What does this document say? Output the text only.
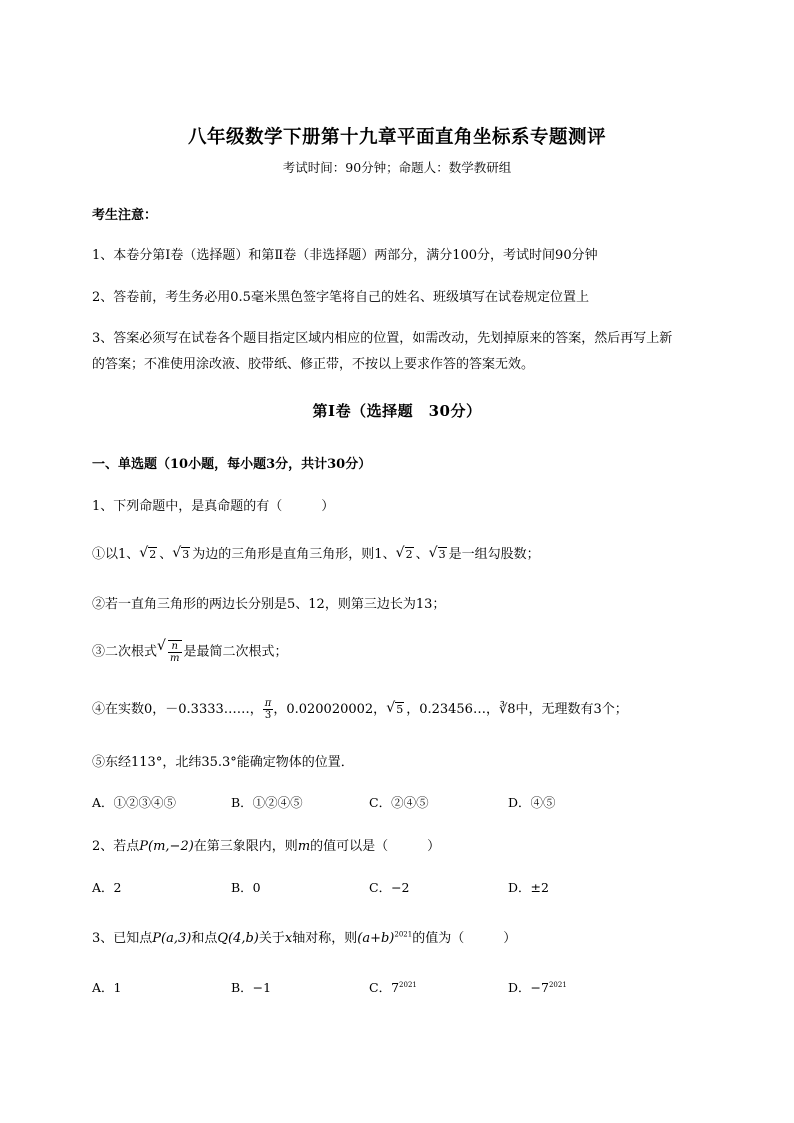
八年级数学下册第十九章平面直角坐标系专题测评
考试时间：90分钟；命题人：数学教研组
考生注意：
1、本卷分第Ⅰ卷（选择题）和第Ⅱ卷（非选择题）两部分，满分100分，考试时间90分钟
2、答卷前，考生务必用0.5毫米黑色签字笔将自己的姓名、班级填写在试卷规定位置上
3、答案必须写在试卷各个题目指定区域内相应的位置，如需改动，先划掉原来的答案，然后再写上新
的答案；不准使用涂改液、胶带纸、修正带，不按以上要求作答的答案无效。
第Ⅰ卷（选择题　30分）
一、单选题（10小题，每小题3分，共计30分）
1、下列命题中，是真命题的有（　　　）
①以1、 √ 2 、 √ 3 为边的三角形是直角三角形，则1、 √ 2 、 √ 3 是一组勾股数；
②若一直角三角形的两边长分别是5、12，则第三边长为13；
③二次根式 √ $\frac{n}{m}$ 是最简二次根式；
④在实数0，－0.3333……， $\frac{\pi}{3}$ ，0.020020002， √ 5 ，0.23456…，∛8中，无理数有3个；
⑤东经113°，北纬35.3°能确定物体的位置．
A．①②③④⑤	B．①②④⑤	C．②④⑤	D．④⑤
2、若点P(m,−2)在第三象限内，则m的值可以是（　　　）
A．2	B．0	C．−2	D．±2
3、已知点P(a,3)和点Q(4,b)关于x轴对称，则$(a+b)^{2021}$的值为（　　　）
A．1	B．−1	C．$7^{2021}$	D．$-7^{2021}$
